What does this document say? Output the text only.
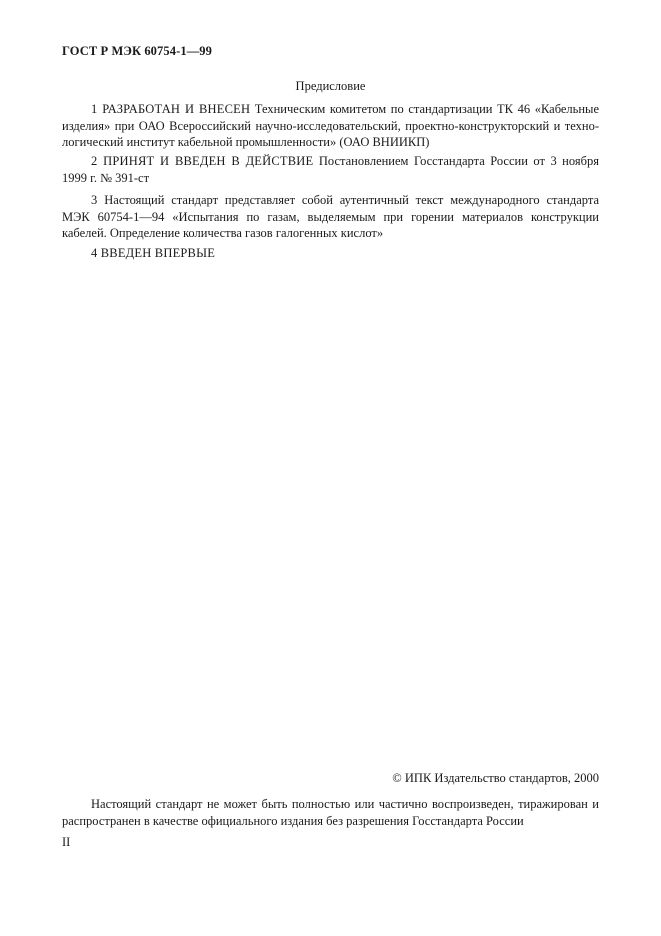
ГОСТ Р МЭК 60754-1—99
Предисловие

1 РАЗРАБОТАН И ВНЕСЕН Техническим комитетом по стандартизации ТК 46 «Кабельные изделия» при ОАО Всероссийский научно-исследовательский, проектно-конструкторский и техно-логический институт кабельной промышленности» (ОАО ВНИИКП)

2 ПРИНЯТ И ВВЕДЕН В ДЕЙСТВИЕ Постановлением Госстандарта России от 3 ноября 1999 г. № 391-ст

3 Настоящий стандарт представляет собой аутентичный текст международного стандарта МЭК 60754-1—94 «Испытания по газам, выделяемым при горении материалов конструкции кабелей. Определение количества газов галогенных кислот»

4 ВВЕДЕН ВПЕРВЫЕ

© ИПК Издательство стандартов, 2000

Настоящий стандарт не может быть полностью или частично воспроизведен, тиражирован и распространен в качестве официального издания без разрешения Госстандарта России

II
